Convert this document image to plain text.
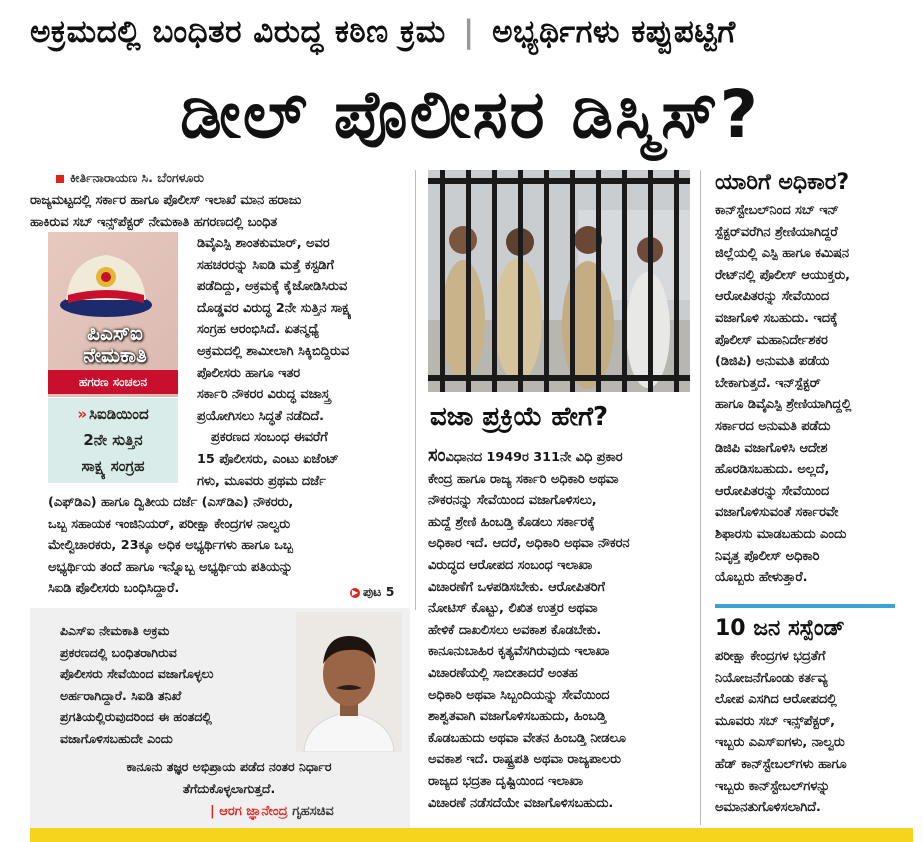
ಅಕ್ರಮದಲ್ಲಿ ಬಂಧಿತರ ವಿರುದ್ಧ ಕಠಿಣ ಕ್ರಮ | ಅಭ್ಯರ್ಥಿಗಳು ಕಪ್ಪುಪಟ್ಟಿಗೆ
ಡೀಲ್ ಪೊಲೀಸರ ಡಿಸ್ಮಿಸ್?
ಕೀರ್ತಿನಾರಾಯಣ ಸಿ. ಬೆಂಗಳೂರು

ರಾಜ್ಯಮಟ್ಟದಲ್ಲಿ ಸರ್ಕಾರ ಹಾಗೂ ಪೊಲೀಸ್ ಇಲಾಖೆ ಮಾನ ಹರಾಜು

ಹಾಕಿರುವ ಸಬ್ ಇನ್ಸ್‌ಪೆಕ್ಟರ್ ನೇಮಕಾತಿ ಹಗರಣದಲ್ಲಿ ಬಂಧಿತ

ಪಿಎಸ್ಐ ನೇಮಕಾತಿ
ಹಗರಣ ಸಂಚಲನ
» ಸಿಐಡಿಯಿಂದ
2ನೇ ಸುತ್ತಿನ
ಸಾಕ್ಷ್ಯ ಸಂಗ್ರಹ

ಡಿವೈಎಸ್ಪಿ ಶಾಂತಕುಮಾರ್, ಅವರ

ಸಹಚರರನ್ನು ಸಿಐಡಿ ಮತ್ತೆ ಕಸ್ಟಡಿಗೆ

ಪಡೆದಿದ್ದು, ಅಕ್ರಮಕ್ಕೆ ಕೈಜೋಡಿಸಿರುವ

ದೊಡ್ಡವರ ವಿರುದ್ಧ 2ನೇ ಸುತ್ತಿನ ಸಾಕ್ಷ್ಯ

ಸಂಗ್ರಹ ಆರಂಭಿಸಿದೆ. ಏತನ್ಮಧ್ಯೆ

ಅಕ್ರಮದಲ್ಲಿ ಶಾಮೀಲಾಗಿ ಸಿಕ್ಕಿಬಿದ್ದಿರುವ

ಪೊಲೀಸರು ಹಾಗೂ ಇತರ

ಸರ್ಕಾರಿ ನೌಕರರ ವಿರುದ್ಧ ವಜಾಸ್ತ್ರ

ಪ್ರಯೋಗಿಸಲು ಸಿದ್ಧತೆ ನಡೆದಿದೆ.

ಪ್ರಕರಣದ ಸಂಬಂಧ ಈವರೆಗೆ

15 ಪೊಲೀಸರು, ಎಂಟು ಏಜೆಂಟ್

ಗಳು, ಮೂವರು ಪ್ರಥಮ ದರ್ಜೆ

(ಎಫ್‌ಡಿಎ) ಹಾಗೂ ದ್ವಿತೀಯ ದರ್ಜೆ (ಎಸ್‌ಡಿಎ) ನೌಕರರು,

ಒಬ್ಬ ಸಹಾಯಕ ಇಂಜಿನಿಯರ್, ಪರೀಕ್ಷಾ ಕೇಂದ್ರಗಳ ನಾಲ್ವರು

ಮೇಲ್ವಿಚಾರಕರು, 23ಕ್ಕೂ ಅಧಿಕ ಅಭ್ಯರ್ಥಿಗಳು ಹಾಗೂ ಒಬ್ಬ

ಅಭ್ಯರ್ಥಿಯ ತಂದೆ ಹಾಗೂ ಇನ್ನೊಬ್ಬ ಅಭ್ಯರ್ಥಿಯ ಪತಿಯನ್ನು

ಸಿಐಡಿ ಪೊಲೀಸರು ಬಂಧಿಸಿದ್ದಾರೆ.	▶ ಪುಟ 5
ಪಿಎಸ್ಐ ನೇಮಕಾತಿ ಅಕ್ರಮ
ಪ್ರಕರಣದಲ್ಲಿ ಬಂಧಿತರಾಗಿರುವ
ಪೊಲೀಸರು ಸೇವೆಯಿಂದ ವಜಾಗೊಳ್ಳಲು
ಅರ್ಹರಾಗಿದ್ದಾರೆ. ಸಿಐಡಿ ತನಿಖೆ
ಪ್ರಗತಿಯಲ್ಲಿರುವುದರಿಂದ ಈ ಹಂತದಲ್ಲಿ
ವಜಾಗೊಳಿಸಬಹುದೇ ಎಂದು
ಕಾನೂನು ತಜ್ಞರ ಅಭಿಪ್ರಾಯ ಪಡೆದ ನಂತರ ನಿರ್ಧಾರ
ತೆಗೆದುಕೊಳ್ಳಲಾಗುತ್ತದೆ.
| ಆರಗ ಜ್ಞಾನೇಂದ್ರ ಗೃಹಸಚಿವ
ವಜಾ ಪ್ರಕ್ರಿಯೆ ಹೇಗೆ?

ಸಂವಿಧಾನದ 1949ರ 311ನೇ ವಿಧಿ ಪ್ರಕಾರ

ಕೇಂದ್ರ ಹಾಗೂ ರಾಜ್ಯ ಸರ್ಕಾರಿ ಅಧಿಕಾರಿ ಅಥವಾ

ನೌಕರನನ್ನು ಸೇವೆಯಿಂದ ವಜಾಗೊಳಿಸಲು,

ಹುದ್ದೆ ಶ್ರೇಣಿ ಹಿಂಬಡ್ತಿ ಕೊಡಲು ಸರ್ಕಾರಕ್ಕೆ

ಅಧಿಕಾರ ಇದೆ. ಆದರೆ, ಅಧಿಕಾರಿ ಅಥವಾ ನೌಕರನ

ವಿರುದ್ಧದ ಆರೋಪದ ಸಂಬಂಧ ಇಲಾಖಾ

ವಿಚಾರಣೆಗೆ ಒಳಪಡಿಸಬೇಕು. ಆರೋಪಿತರಿಗೆ

ನೋಟಿಸ್ ಕೊಟ್ಟು, ಲಿಖಿತ ಉತ್ತರ ಅಥವಾ

ಹೇಳಿಕೆ ದಾಖಲಿಸಲು ಅವಕಾಶ ಕೊಡಬೇಕು.

ಕಾನೂನುಬಾಹಿರ ಕೃತ್ಯವೆಸಗಿರುವುದು ಇಲಾಖಾ

ವಿಚಾರಣೆಯಲ್ಲಿ ಸಾಬೀತಾದರೆ ಅಂತಹ

ಅಧಿಕಾರಿ ಅಥವಾ ಸಿಬ್ಬಂದಿಯನ್ನು ಸೇವೆಯಿಂದ

ಶಾಶ್ವತವಾಗಿ ವಜಾಗೊಳಿಸಬಹುದು, ಹಿಂಬಡ್ತಿ

ಕೊಡಬಹುದು ಅಥವಾ ವೇತನ ಹಿಂಬಡ್ತಿ ನೀಡಲೂ

ಅವಕಾಶ ಇದೆ. ರಾಷ್ಟ್ರಪತಿ ಅಥವಾ ರಾಜ್ಯಪಾಲರು

ರಾಜ್ಯದ ಭದ್ರತಾ ದೃಷ್ಟಿಯಿಂದ ಇಲಾಖಾ

ವಿಚಾರಣೆ ನಡೆಸದೆಯೇ ವಜಾಗೊಳಿಸಬಹುದು.

ಯಾರಿಗೆ ಅಧಿಕಾರ?

ಕಾನ್‌ಸ್ಟೇಬಲ್‌ನಿಂದ ಸಬ್ ಇನ್

ಸ್ಪೆಕ್ಟರ್‌ವರೆಗಿನ ಶ್ರೇಣಿಯಾಗಿದ್ದರೆ

ಜಿಲ್ಲೆಯಲ್ಲಿ ಎಸ್ಪಿ ಹಾಗೂ ಕಮಿಷನ

ರೇಟ್‌ನಲ್ಲಿ ಪೊಲೀಸ್ ಆಯುಕ್ತರು,

ಆರೋಪಿತರನ್ನು ಸೇವೆಯಿಂದ

ವಜಾಗೊಳಿ ಸಬಹುದು. ಇದಕ್ಕೆ

ಪೊಲೀಸ್ ಮಹಾನಿರ್ದೇಶಕರ

(ಡಿಜಿಪಿ) ಅನುಮತಿ ಪಡೆಯ

ಬೇಕಾಗುತ್ತದೆ. ಇನ್‌ಸ್ಪೆಕ್ಟರ್

ಹಾಗೂ ಡಿವೈಎಸ್ಪಿ ಶ್ರೇಣಿಯಾಗಿದ್ದಲ್ಲಿ

ಸರ್ಕಾರದ ಅನುಮತಿ ಪಡೆದು

ಡಿಜಿಪಿ ವಜಾಗೊಳಿಸಿ ಆದೇಶ

ಹೊರಡಿಸಬಹುದು. ಅಲ್ಲದೆ,

ಆರೋಪಿತರನ್ನು ಸೇವೆಯಿಂದ

ವಜಾಗೊಳಿಸುವಂತೆ ಸರ್ಕಾರವೇ

ಶಿಫಾರಸು ಮಾಡಬಹುದು ಎಂದು

ನಿವೃತ್ತ ಪೊಲೀಸ್ ಅಧಿಕಾರಿ

ಯೊಬ್ಬರು ಹೇಳುತ್ತಾರೆ.

10 ಜನ ಸಸ್ಪೆಂಡ್

ಪರೀಕ್ಷಾ ಕೇಂದ್ರಗಳ ಭದ್ರತೆಗೆ

ನಿಯೋಜನೆಗೊಂಡು ಕರ್ತವ್ಯ

ಲೋಪ ಎಸಗಿದ ಆರೋಪದಲ್ಲಿ

ಮೂವರು ಸಬ್ ಇನ್ಸ್‌ಪೆಕ್ಟರ್,

ಇಬ್ಬರು ಎಎಸ್ಐಗಳು, ನಾಲ್ವರು

ಹೆಡ್ ಕಾನ್‌ಸ್ಟೇಬಲ್‌ಗಳು ಹಾಗೂ

ಇಬ್ಬರು ಕಾನ್‌ಸ್ಟೇಬಲ್‌ಗಳನ್ನು

ಅಮಾನತುಗೊಳಿಸಲಾಗಿದೆ.
